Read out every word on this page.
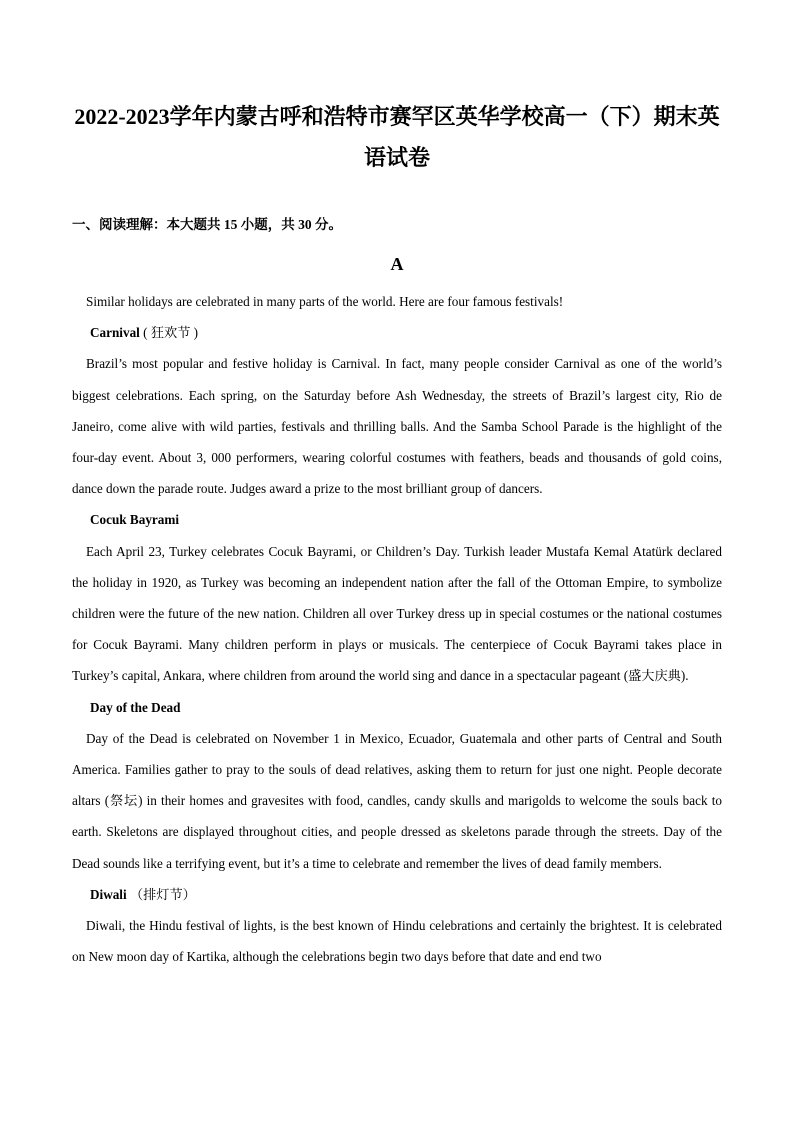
2022-2023学年内蒙古呼和浩特市赛罕区英华学校高一（下）期末英语试卷
一、阅读理解：本大题共 15 小题，共 30 分。
A

Similar holidays are celebrated in many parts of the world. Here are four famous festivals!

Carnival ( 狂欢节 )

Brazil’s most popular and festive holiday is Carnival. In fact, many people consider Carnival as one of the world’s biggest celebrations. Each spring, on the Saturday before Ash Wednesday, the streets of Brazil’s largest city, Rio de Janeiro, come alive with wild parties, festivals and thrilling balls. And the Samba School Parade is the highlight of the four-day event. About 3, 000 performers, wearing colorful costumes with feathers, beads and thousands of gold coins, dance down the parade route. Judges award a prize to the most brilliant group of dancers.

Cocuk Bayrami

Each April 23, Turkey celebrates Cocuk Bayrami, or Children’s Day. Turkish leader Mustafa Kemal Atatürk declared the holiday in 1920, as Turkey was becoming an independent nation after the fall of the Ottoman Empire, to symbolize children were the future of the new nation. Children all over Turkey dress up in special costumes or the national costumes for Cocuk Bayrami. Many children perform in plays or musicals. The centerpiece of Cocuk Bayrami takes place in Turkey’s capital, Ankara, where children from around the world sing and dance in a spectacular pageant (盛大庆典).

Day of the Dead

Day of the Dead is celebrated on November 1 in Mexico, Ecuador, Guatemala and other parts of Central and South America. Families gather to pray to the souls of dead relatives, asking them to return for just one night. People decorate altars (祭坛) in their homes and gravesites with food, candles, candy skulls and marigolds to welcome the souls back to earth. Skeletons are displayed throughout cities, and people dressed as skeletons parade through the streets. Day of the Dead sounds like a terrifying event, but it’s a time to celebrate and remember the lives of dead family members.

Diwali （排灯节）

Diwali, the Hindu festival of lights, is the best known of Hindu celebrations and certainly the brightest. It is celebrated on New moon day of Kartika, although the celebrations begin two days before that date and end two
